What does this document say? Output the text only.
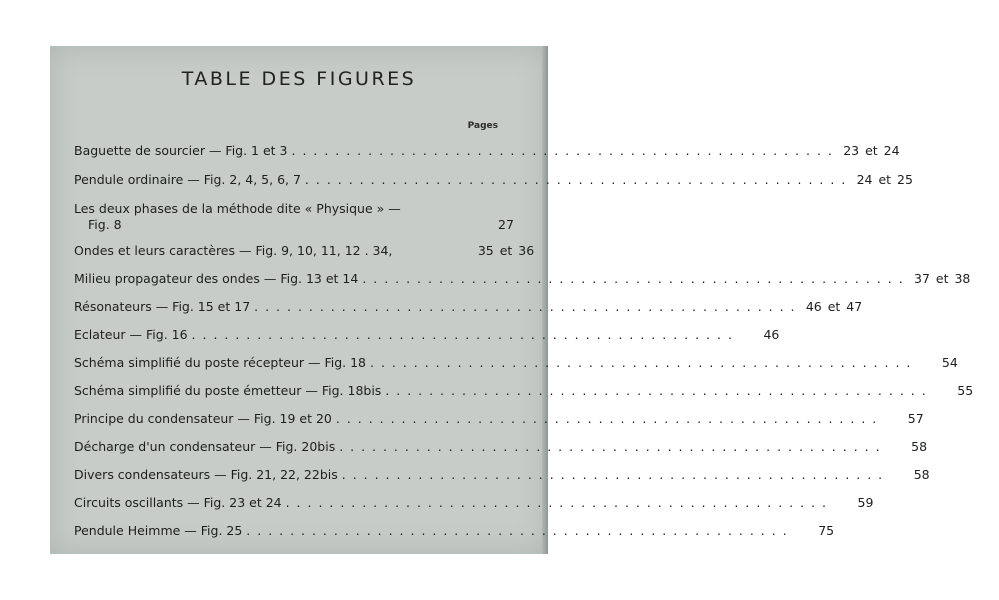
TABLE DES FIGURES
Pages
Baguette de sourcier — Fig. 1 et 3 . . . . . . . . . . . . . . . . . . . . . . . . . . . . . . . . . . . . . . . . . . . . . . . . . . 23 et 24
Pendule ordinaire — Fig. 2, 4, 5, 6, 7 . . . . . . . . . . . . . . . . . . . . . . . . . . . . . . . . . . . . . . . . . . . . . . . . . . 24 et 25
Les deux phases de la méthode dite « Physique » —
Fig. 8	27
Ondes et leurs caractères — Fig. 9, 10, 11, 12 . 34,	35 et 36
Milieu propagateur des ondes — Fig. 13 et 14 . . . . . . . . . . . . . . . . . . . . . . . . . . . . . . . . . . . . . . . . . . . . . . . . . . 37 et 38
Résonateurs — Fig. 15 et 17 . . . . . . . . . . . . . . . . . . . . . . . . . . . . . . . . . . . . . . . . . . . . . . . . . . 46 et 47
Eclateur — Fig. 16 . . . . . . . . . . . . . . . . . . . . . . . . . . . . . . . . . . . . . . . . . . . . . . . . . .	46
Schéma simplifié du poste récepteur — Fig. 18 . . . . . . . . . . . . . . . . . . . . . . . . . . . . . . . . . . . . . . . . . . . . . . . . . .	54
Schéma simplifié du poste émetteur — Fig. 18bis . . . . . . . . . . . . . . . . . . . . . . . . . . . . . . . . . . . . . . . . . . . . . . . . . .	55
Principe du condensateur — Fig. 19 et 20 . . . . . . . . . . . . . . . . . . . . . . . . . . . . . . . . . . . . . . . . . . . . . . . . . .	57
Décharge d'un condensateur — Fig. 20bis . . . . . . . . . . . . . . . . . . . . . . . . . . . . . . . . . . . . . . . . . . . . . . . . . .	58
Divers condensateurs — Fig. 21, 22, 22bis . . . . . . . . . . . . . . . . . . . . . . . . . . . . . . . . . . . . . . . . . . . . . . . . . .	58
Circuits oscillants — Fig. 23 et 24 . . . . . . . . . . . . . . . . . . . . . . . . . . . . . . . . . . . . . . . . . . . . . . . . . .	59
Pendule Heimme — Fig. 25 . . . . . . . . . . . . . . . . . . . . . . . . . . . . . . . . . . . . . . . . . . . . . . . . . .	75
